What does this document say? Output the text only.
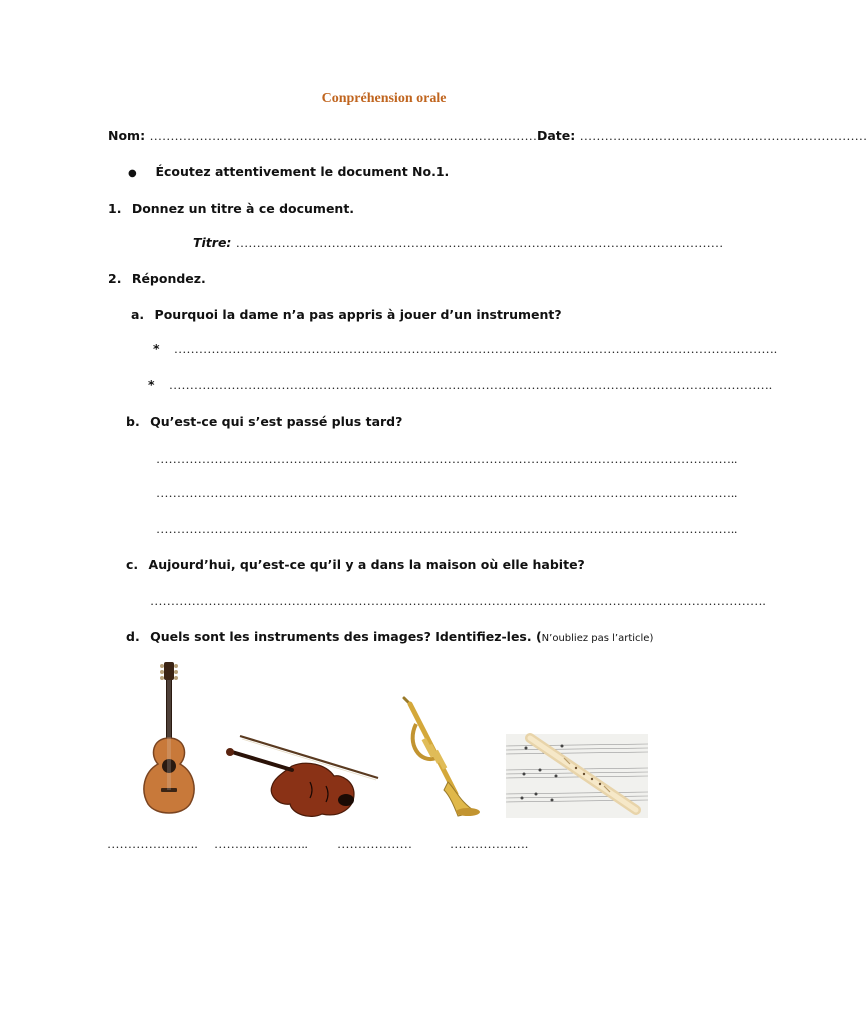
Conpréhension orale
Nom: …………………………………………………………………………………Date: ……………………………………………………………
● Écoutez attentivement le document No.1.
1. Donnez un titre à ce document.
Titre: ………………………………………………………………………………………………………
2. Répondez.
a. Pourquoi la dame n’a pas appris à jouer d’un instrument?
* ……………………………………………………………………………………………………………………………….
* ……………………………………………………………………………………………………………………………….
b. Qu’est-ce qui s’est passé plus tard?
…………………………………………………………………………………………………………………………..
…………………………………………………………………………………………………………………………..
…………………………………………………………………………………………………………………………..
c. Aujourd’hui, qu’est-ce qu’il y a dans la maison où elle habite?
………………………………………………………………………………………………………………………………….
d. Quels sont les instruments des images? Identifiez-les. (N’oubliez pas l’article)
…………………. ………………….. ………………	……………….
